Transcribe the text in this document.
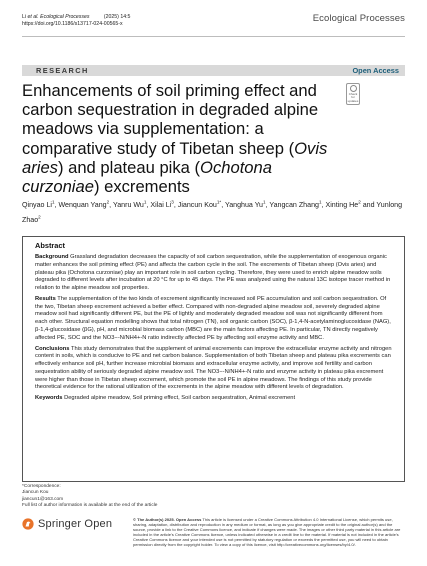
Li et al. Ecological Processes          (2025) 14:5
https://doi.org/10.1186/s13717-024-00565-x	Ecological Processes
RESEARCH	Open Access
Enhancements of soil priming effect and carbon sequestration in degraded alpine meadows via supplementation: a comparative study of Tibetan sheep (Ovis aries) and plateau pika (Ochotona curzoniae) excrements
Check for updates
Qinyao Li$^1$, Wenquan Yang$^2$, Yanru Wu$^1$, Xilai Li$^3$, Jiancun Kou$^{1*}$, Yanghua Yu$^1$, Yangcan Zhang$^1$, Xinting He$^2$ and Yunlong Zhao$^2$
Abstract

Background Grassland degradation decreases the capacity of soil carbon sequestration, while the supplementation of exogenous organic matter enhances the soil priming effect (PE) and affects the carbon cycle in the soil. The excrements of Tibetan sheep (Ovis aries) and plateau pika (Ochotona curzoniae) play an important role in soil carbon cycling. Therefore, they were used to enrich alpine meadow soils degraded to different levels after incubation at 20 °C for up to 45 days. The PE was analyzed using the natural 13C isotope tracer method in relation to the alpine meadow soil properties.

Results The supplementation of the two kinds of excrement significantly increased soil PE accumulation and soil carbon sequestration. Of the two, Tibetan sheep excrement achieved a better effect. Compared with non-degraded alpine meadow soil, severely degraded alpine meadow soil had significantly different PE, but the PE of lightly and moderately degraded meadow soil was not significantly different from each other. Structural equation modelling shows that total nitrogen (TN), soil organic carbon (SOC), β-1,4-N-acetylaminoglucosidase (NAG), β-1,4-glucosidase (βG), pH, and microbial biomass carbon (MBC) are the main factors affecting PE. In particular, TN directly negatively affected PE, SOC and the NO3−-N/NH4+-N ratio indirectly affected PE by affecting soil enzyme activity and MBC.

Conclusions This study demonstrates that the supplement of animal excrements can improve the extracellular enzyme activity and nitrogen content in soils, which is conducive to PE and net carbon balance. Supplementation of both Tibetan sheep and plateau pika excrements can effectively enhance soil pH, further increase microbial biomass and extracellular enzyme activity, and improve soil fertility and carbon sequestration ability of seriously degraded alpine meadow soil. The NO3−-N/NH4+-N ratio and enzyme activity in plateau pika excrement were higher than those in Tibetan sheep excrement, which promote the soil PE in alpine meadows. The findings of this study provide theoretical evidence for the rational utilization of the excrements in the alpine meadow with different levels of degradation.

Keywords Degraded alpine meadow, Soil priming effect, Soil carbon sequestration, Animal excrement

*Correspondence:
Jiancun Kou
jiancun1@163.com
Full list of author information is available at the end of the article
Springer Open	© The Author(s) 2025. Open Access This article is licensed under a Creative Commons Attribution 4.0 International License, which permits use, sharing, adaptation, distribution and reproduction in any medium or format, as long as you give appropriate credit to the original author(s) and the source, provide a link to the Creative Commons licence, and indicate if changes were made. The images or other third party material in this article are included in the article's Creative Commons licence, unless indicated otherwise in a credit line to the material. If material is not included in the article's Creative Commons licence and your intended use is not permitted by statutory regulation or exceeds the permitted use, you will need to obtain permission directly from the copyright holder. To view a copy of this licence, visit http://creativecommons.org/licenses/by/4.0/.
